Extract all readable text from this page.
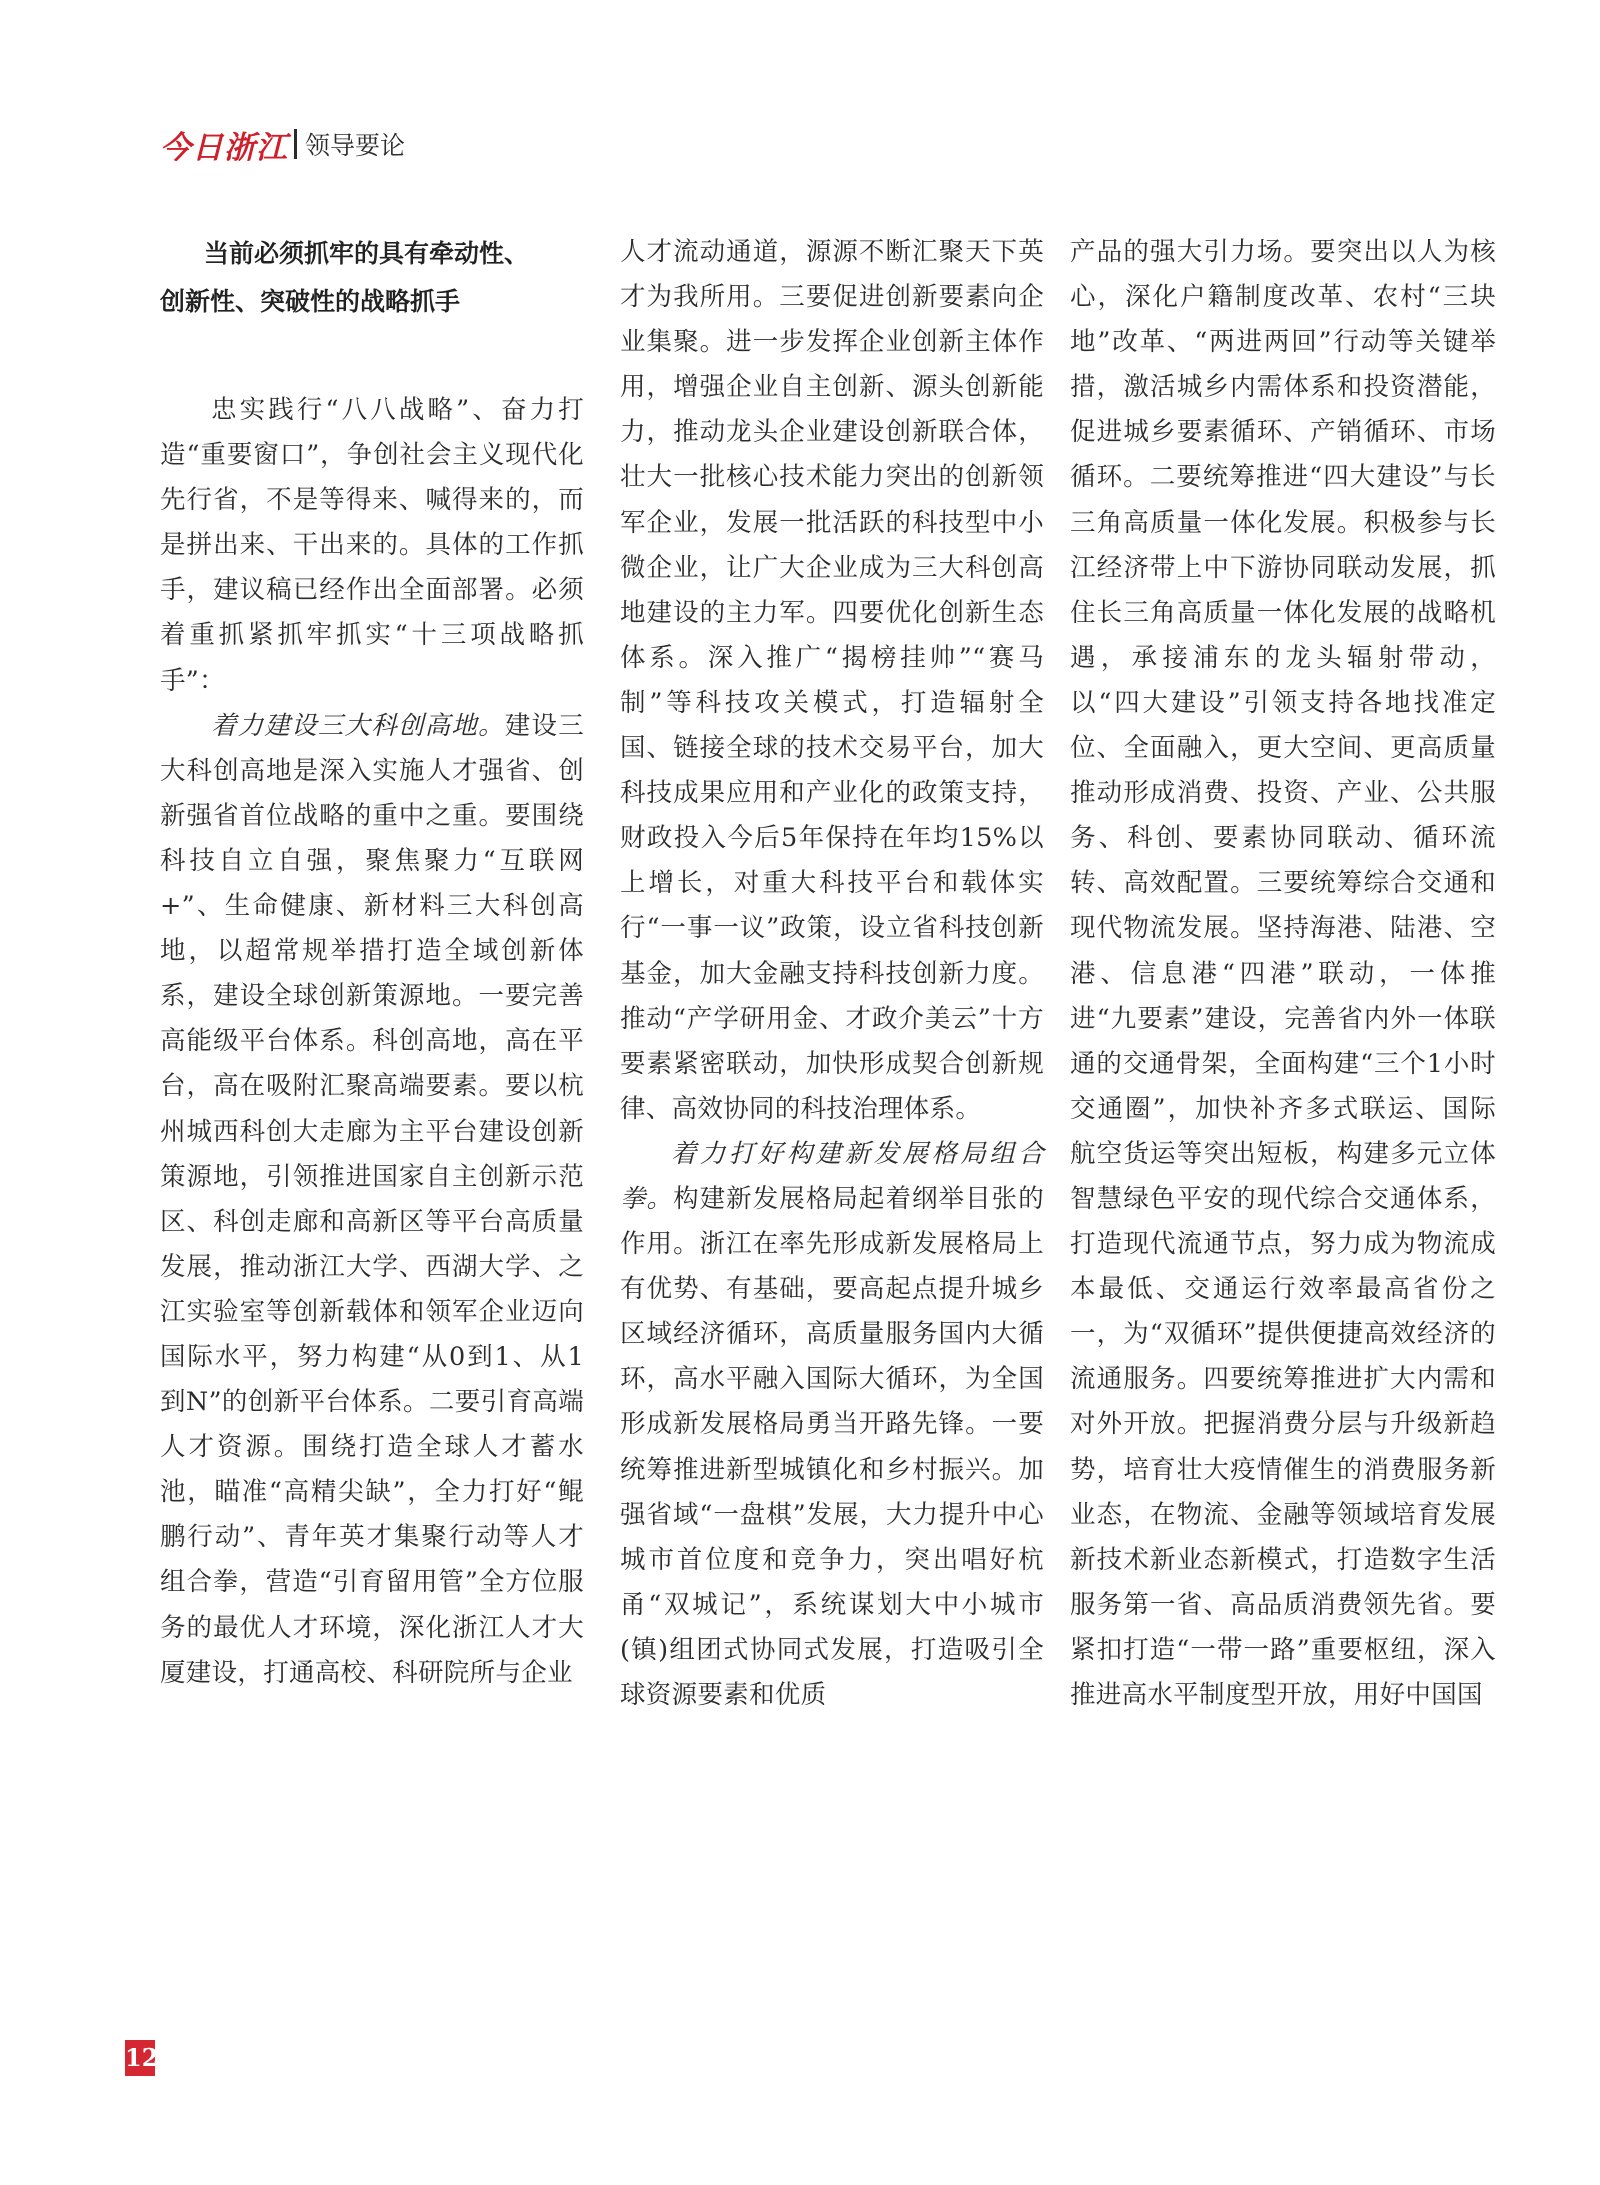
今日浙江 领导要论
当前必须抓牢的具有牵动性、
创新性、突破性的战略抓手

忠实践行“八八战略”、奋力打造“重要窗口”，争创社会主义现代化先行省，不是等得来、喊得来的，而是拼出来、干出来的。具体的工作抓手，建议稿已经作出全面部署。必须着重抓紧抓牢抓实“十三项战略抓手”：

着力建设三大科创高地。建设三大科创高地是深入实施人才强省、创新强省首位战略的重中之重。要围绕科技自立自强，聚焦聚力“互联网+”、生命健康、新材料三大科创高地，以超常规举措打造全域创新体系，建设全球创新策源地。一要完善高能级平台体系。科创高地，高在平台，高在吸附汇聚高端要素。要以杭州城西科创大走廊为主平台建设创新策源地，引领推进国家自主创新示范区、科创走廊和高新区等平台高质量发展，推动浙江大学、西湖大学、之江实验室等创新载体和领军企业迈向国际水平，努力构建“从0到1、从1到N”的创新平台体系。二要引育高端人才资源。围绕打造全球人才蓄水池，瞄准“高精尖缺”，全力打好“鲲鹏行动”、青年英才集聚行动等人才组合拳，营造“引育留用管”全方位服务的最优人才环境，深化浙江人才大厦建设，打通高校、科研院所与企业

人才流动通道，源源不断汇聚天下英才为我所用。三要促进创新要素向企业集聚。进一步发挥企业创新主体作用，增强企业自主创新、源头创新能力，推动龙头企业建设创新联合体，壮大一批核心技术能力突出的创新领军企业，发展一批活跃的科技型中小微企业，让广大企业成为三大科创高地建设的主力军。四要优化创新生态体系。深入推广“揭榜挂帅”“赛马制”等科技攻关模式，打造辐射全国、链接全球的技术交易平台，加大科技成果应用和产业化的政策支持，财政投入今后5年保持在年均15%以上增长，对重大科技平台和载体实行“一事一议”政策，设立省科技创新基金，加大金融支持科技创新力度。推动“产学研用金、才政介美云”十方要素紧密联动，加快形成契合创新规律、高效协同的科技治理体系。

着力打好构建新发展格局组合拳。构建新发展格局起着纲举目张的作用。浙江在率先形成新发展格局上有优势、有基础，要高起点提升城乡区域经济循环，高质量服务国内大循环，高水平融入国际大循环，为全国形成新发展格局勇当开路先锋。一要统筹推进新型城镇化和乡村振兴。加强省域“一盘棋”发展，大力提升中心城市首位度和竞争力，突出唱好杭甬“双城记”，系统谋划大中小城市(镇)组团式协同式发展，打造吸引全球资源要素和优质

产品的强大引力场。要突出以人为核心，深化户籍制度改革、农村“三块地”改革、“两进两回”行动等关键举措，激活城乡内需体系和投资潜能，促进城乡要素循环、产销循环、市场循环。二要统筹推进“四大建设”与长三角高质量一体化发展。积极参与长江经济带上中下游协同联动发展，抓住长三角高质量一体化发展的战略机遇，承接浦东的龙头辐射带动，以“四大建设”引领支持各地找准定位、全面融入，更大空间、更高质量推动形成消费、投资、产业、公共服务、科创、要素协同联动、循环流转、高效配置。三要统筹综合交通和现代物流发展。坚持海港、陆港、空港、信息港“四港”联动，一体推进“九要素”建设，完善省内外一体联通的交通骨架，全面构建“三个1小时交通圈”，加快补齐多式联运、国际航空货运等突出短板，构建多元立体智慧绿色平安的现代综合交通体系，打造现代流通节点，努力成为物流成本最低、交通运行效率最高省份之一，为“双循环”提供便捷高效经济的流通服务。四要统筹推进扩大内需和对外开放。把握消费分层与升级新趋势，培育壮大疫情催生的消费服务新业态，在物流、金融等领域培育发展新技术新业态新模式，打造数字生活服务第一省、高品质消费领先省。要紧扣打造“一带一路”重要枢纽，深入推进高水平制度型开放，用好中国国

12
